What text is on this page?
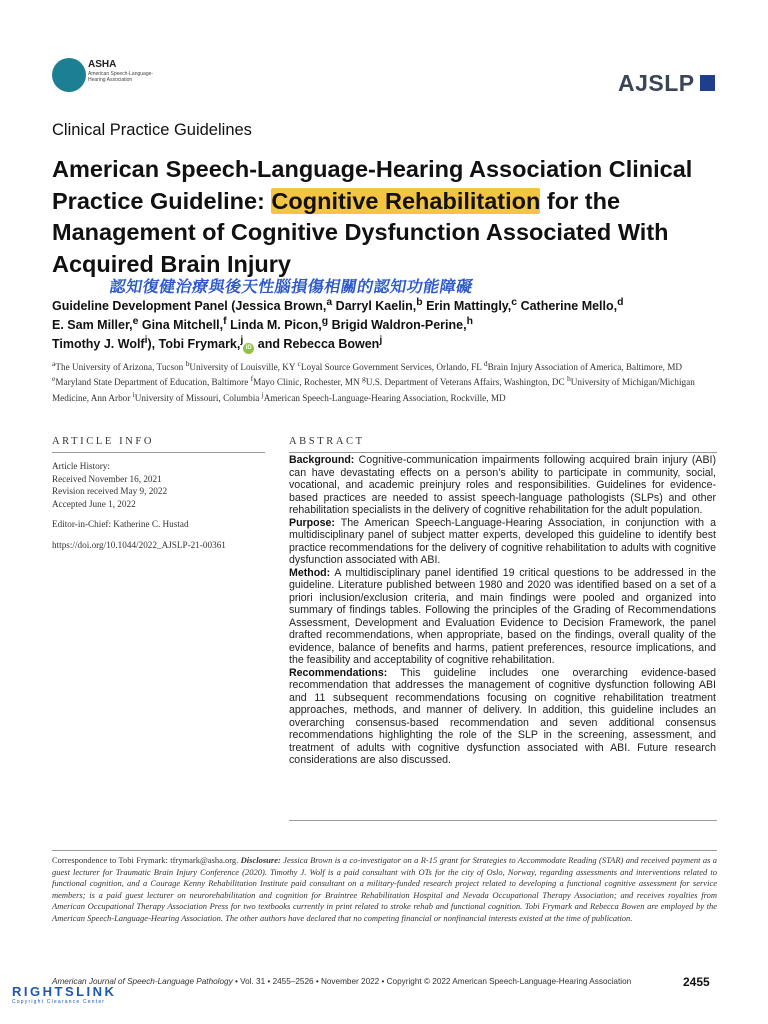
ASHA
American Speech-Language-Hearing Association	AJSLP
Clinical Practice Guidelines
American Speech-Language-Hearing Association Clinical Practice Guideline: Cognitive Rehabilitation for the Management of Cognitive Dysfunction Associated With Acquired Brain Injury
認知復健治療與後天性腦損傷相關的認知功能障礙
Guideline Development Panel (Jessica Brown,$^a$ Darryl Kaelin,$^b$ Erin Mattingly,$^c$ Catherine Mello,$^d$
E. Sam Miller,$^e$ Gina Mitchell,$^f$ Linda M. Picon,$^g$ Brigid Waldron-Perine,$^h$
Timothy J. Wolf$^i$), Tobi Frymark,$^j$iD and Rebecca Bowen$^j$
$^a$The University of Arizona, Tucson $^b$University of Louisville, KY $^c$Loyal Source Government Services, Orlando, FL $^d$Brain Injury Association of America, Baltimore, MD $^e$Maryland State Department of Education, Baltimore $^f$Mayo Clinic, Rochester, MN $^g$U.S. Department of Veterans Affairs, Washington, DC $^h$University of Michigan/Michigan Medicine, Ann Arbor $^i$University of Missouri, Columbia $^j$American Speech-Language-Hearing Association, Rockville, MD
ARTICLE INFO
Article History:
Received November 16, 2021
Revision received May 9, 2022
Accepted June 1, 2022
Editor-in-Chief: Katherine C. Hustad
https://doi.org/10.1044/2022_AJSLP-21-00361
ABSTRACT
Background: Cognitive-communication impairments following acquired brain injury (ABI) can have devastating effects on a person’s ability to participate in community, social, vocational, and academic preinjury roles and responsibilities. Guidelines for evidence-based practices are needed to assist speech-language pathologists (SLPs) and other rehabilitation specialists in the delivery of cognitive rehabilitation for the adult population.
Purpose: The American Speech-Language-Hearing Association, in conjunction with a multidisciplinary panel of subject matter experts, developed this guideline to identify best practice recommendations for the delivery of cognitive rehabilitation to adults with cognitive dysfunction associated with ABI.
Method: A multidisciplinary panel identified 19 critical questions to be addressed in the guideline. Literature published between 1980 and 2020 was identified based on a set of a priori inclusion/exclusion criteria, and main findings were pooled and organized into summary of findings tables. Following the principles of the Grading of Recommendations Assessment, Development and Evaluation Evidence to Decision Framework, the panel drafted recommendations, when appropriate, based on the findings, overall quality of the evidence, balance of benefits and harms, patient preferences, resource implications, and the feasibility and acceptability of cognitive rehabilitation.
Recommendations: This guideline includes one overarching evidence-based recommendation that addresses the management of cognitive dysfunction following ABI and 11 subsequent recommendations focusing on cognitive rehabilitation treatment approaches, methods, and manner of delivery. In addition, this guideline includes an overarching consensus-based recommendation and seven additional consensus recommendations highlighting the role of the SLP in the screening, assessment, and treatment of adults with cognitive dysfunction associated with ABI. Future research considerations are also discussed.
Correspondence to Tobi Frymark: tfrymark@asha.org. Disclosure: Jessica Brown is a co-investigator on a R-15 grant for Strategies to Accommodate Reading (STAR) and received payment as a guest lecturer for Traumatic Brain Injury Conference (2020). Timothy J. Wolf is a paid consultant with OTs for the city of Oslo, Norway, regarding assessments and interventions related to functional cognition, and a Courage Kenny Rehabilitation Institute paid consultant on a military-funded research project related to developing a functional cognitive assessment for service members; is a paid guest lecturer on neurorehabilitation and cognition for Braintree Rehabilitation Hospital and Nevada Occupational Therapy Association; and receives royalties from American Occupational Therapy Association Press for two textbooks currently in print related to stroke rehab and functional cognition. Tobi Frymark and Rebecca Bowen are employed by the American Speech-Language-Hearing Association. The other authors have declared that no competing financial or nonfinancial interests existed at the time of publication.
American Journal of Speech-Language Pathology • Vol. 31 • 2455–2526 • November 2022 • Copyright © 2022 American Speech-Language-Hearing Association	2455
RIGHTSLINK
Copyright Clearance Center
